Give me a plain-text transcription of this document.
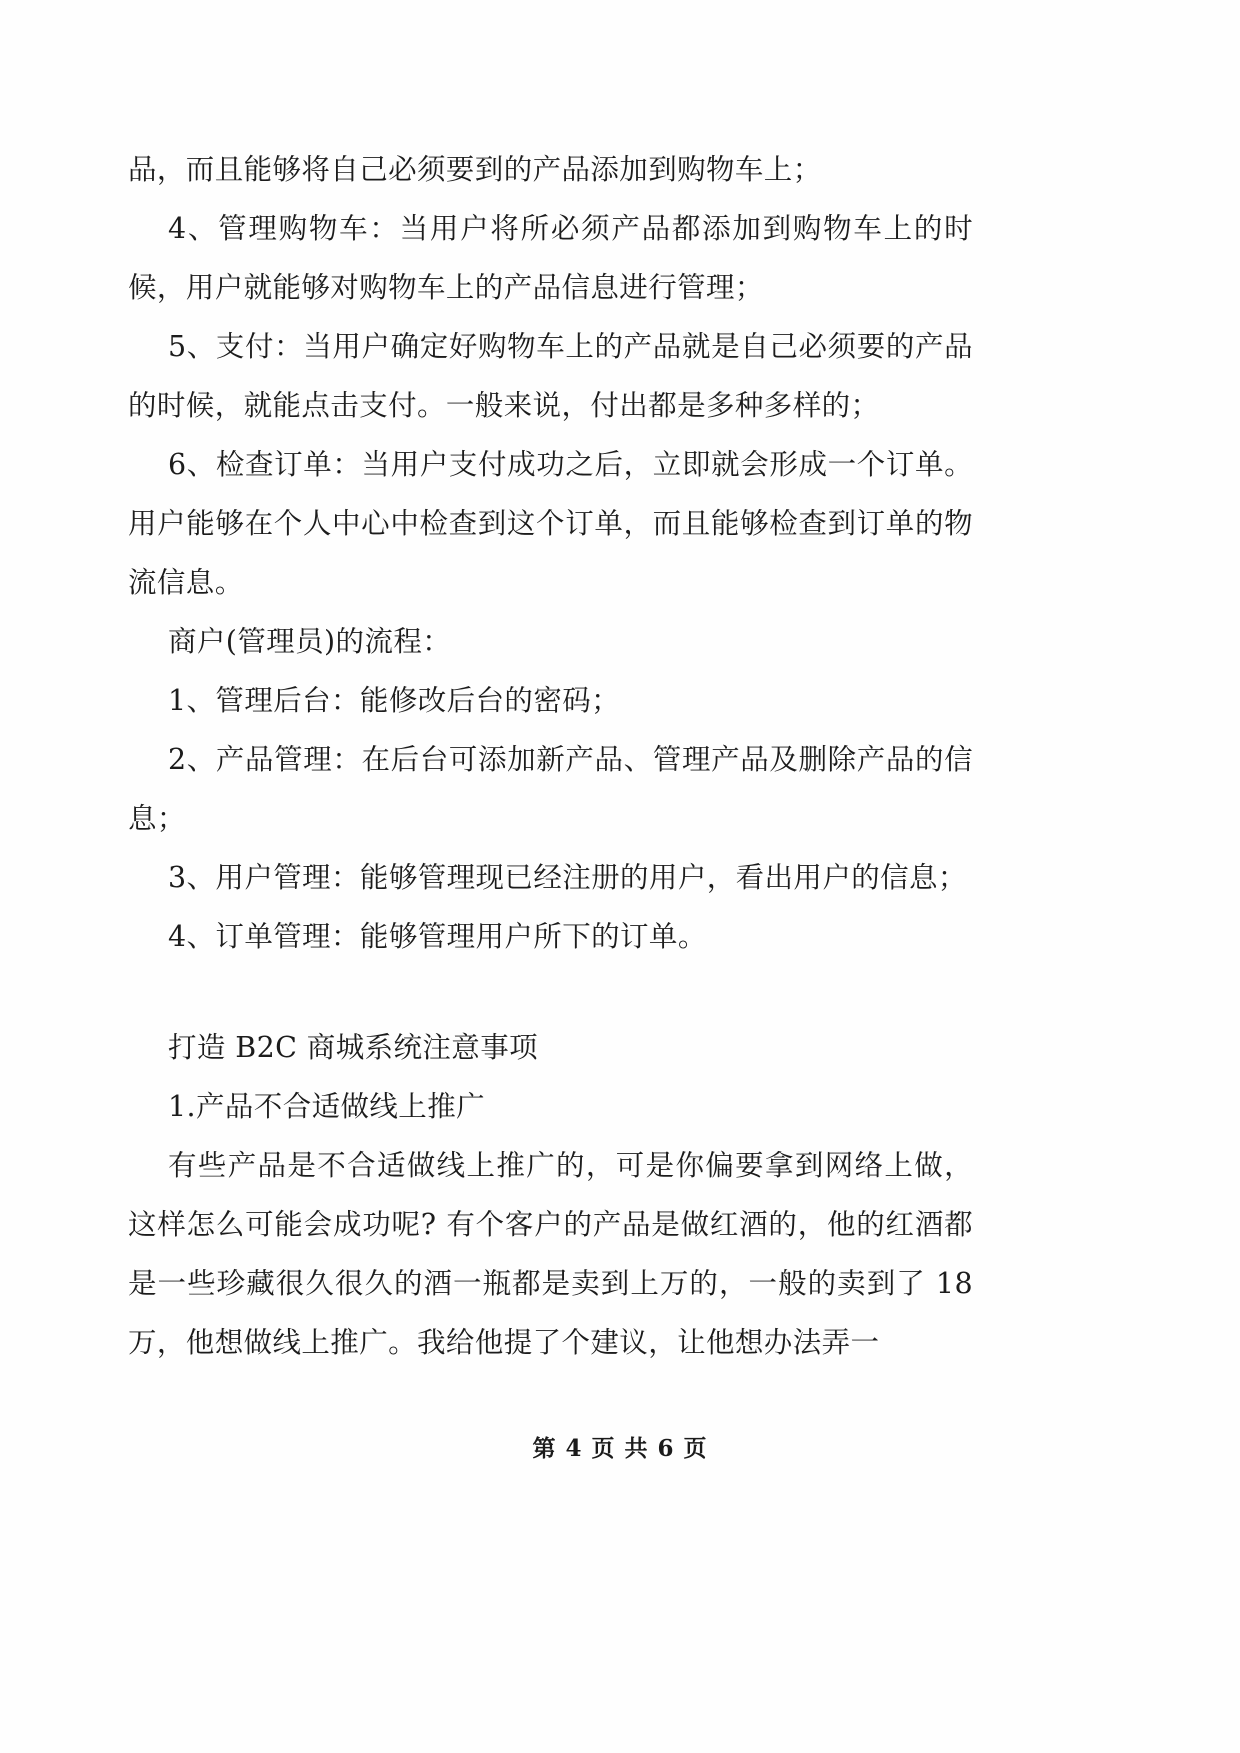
品，而且能够将自己必须要到的产品添加到购物车上；

4、管理购物车：当用户将所必须产品都添加到购物车上的时候，用户就能够对购物车上的产品信息进行管理；

5、支付：当用户确定好购物车上的产品就是自己必须要的产品的时候，就能点击支付。一般来说，付出都是多种多样的；

6、检查订单：当用户支付成功之后，立即就会形成一个订单。用户能够在个人中心中检查到这个订单，而且能够检查到订单的物流信息。

商户(管理员)的流程：

1、管理后台：能修改后台的密码；

2、产品管理：在后台可添加新产品、管理产品及删除产品的信息；

3、用户管理：能够管理现已经注册的用户，看出用户的信息；

4、订单管理：能够管理用户所下的订单。

打造 B2C 商城系统注意事项

1.产品不合适做线上推广

有些产品是不合适做线上推广的，可是你偏要拿到网络上做，这样怎么可能会成功呢? 有个客户的产品是做红酒的，他的红酒都是一些珍藏很久很久的酒一瓶都是卖到上万的，一般的卖到了 18 万，他想做线上推广。我给他提了个建议，让他想办法弄一

第 4 页 共 6 页
